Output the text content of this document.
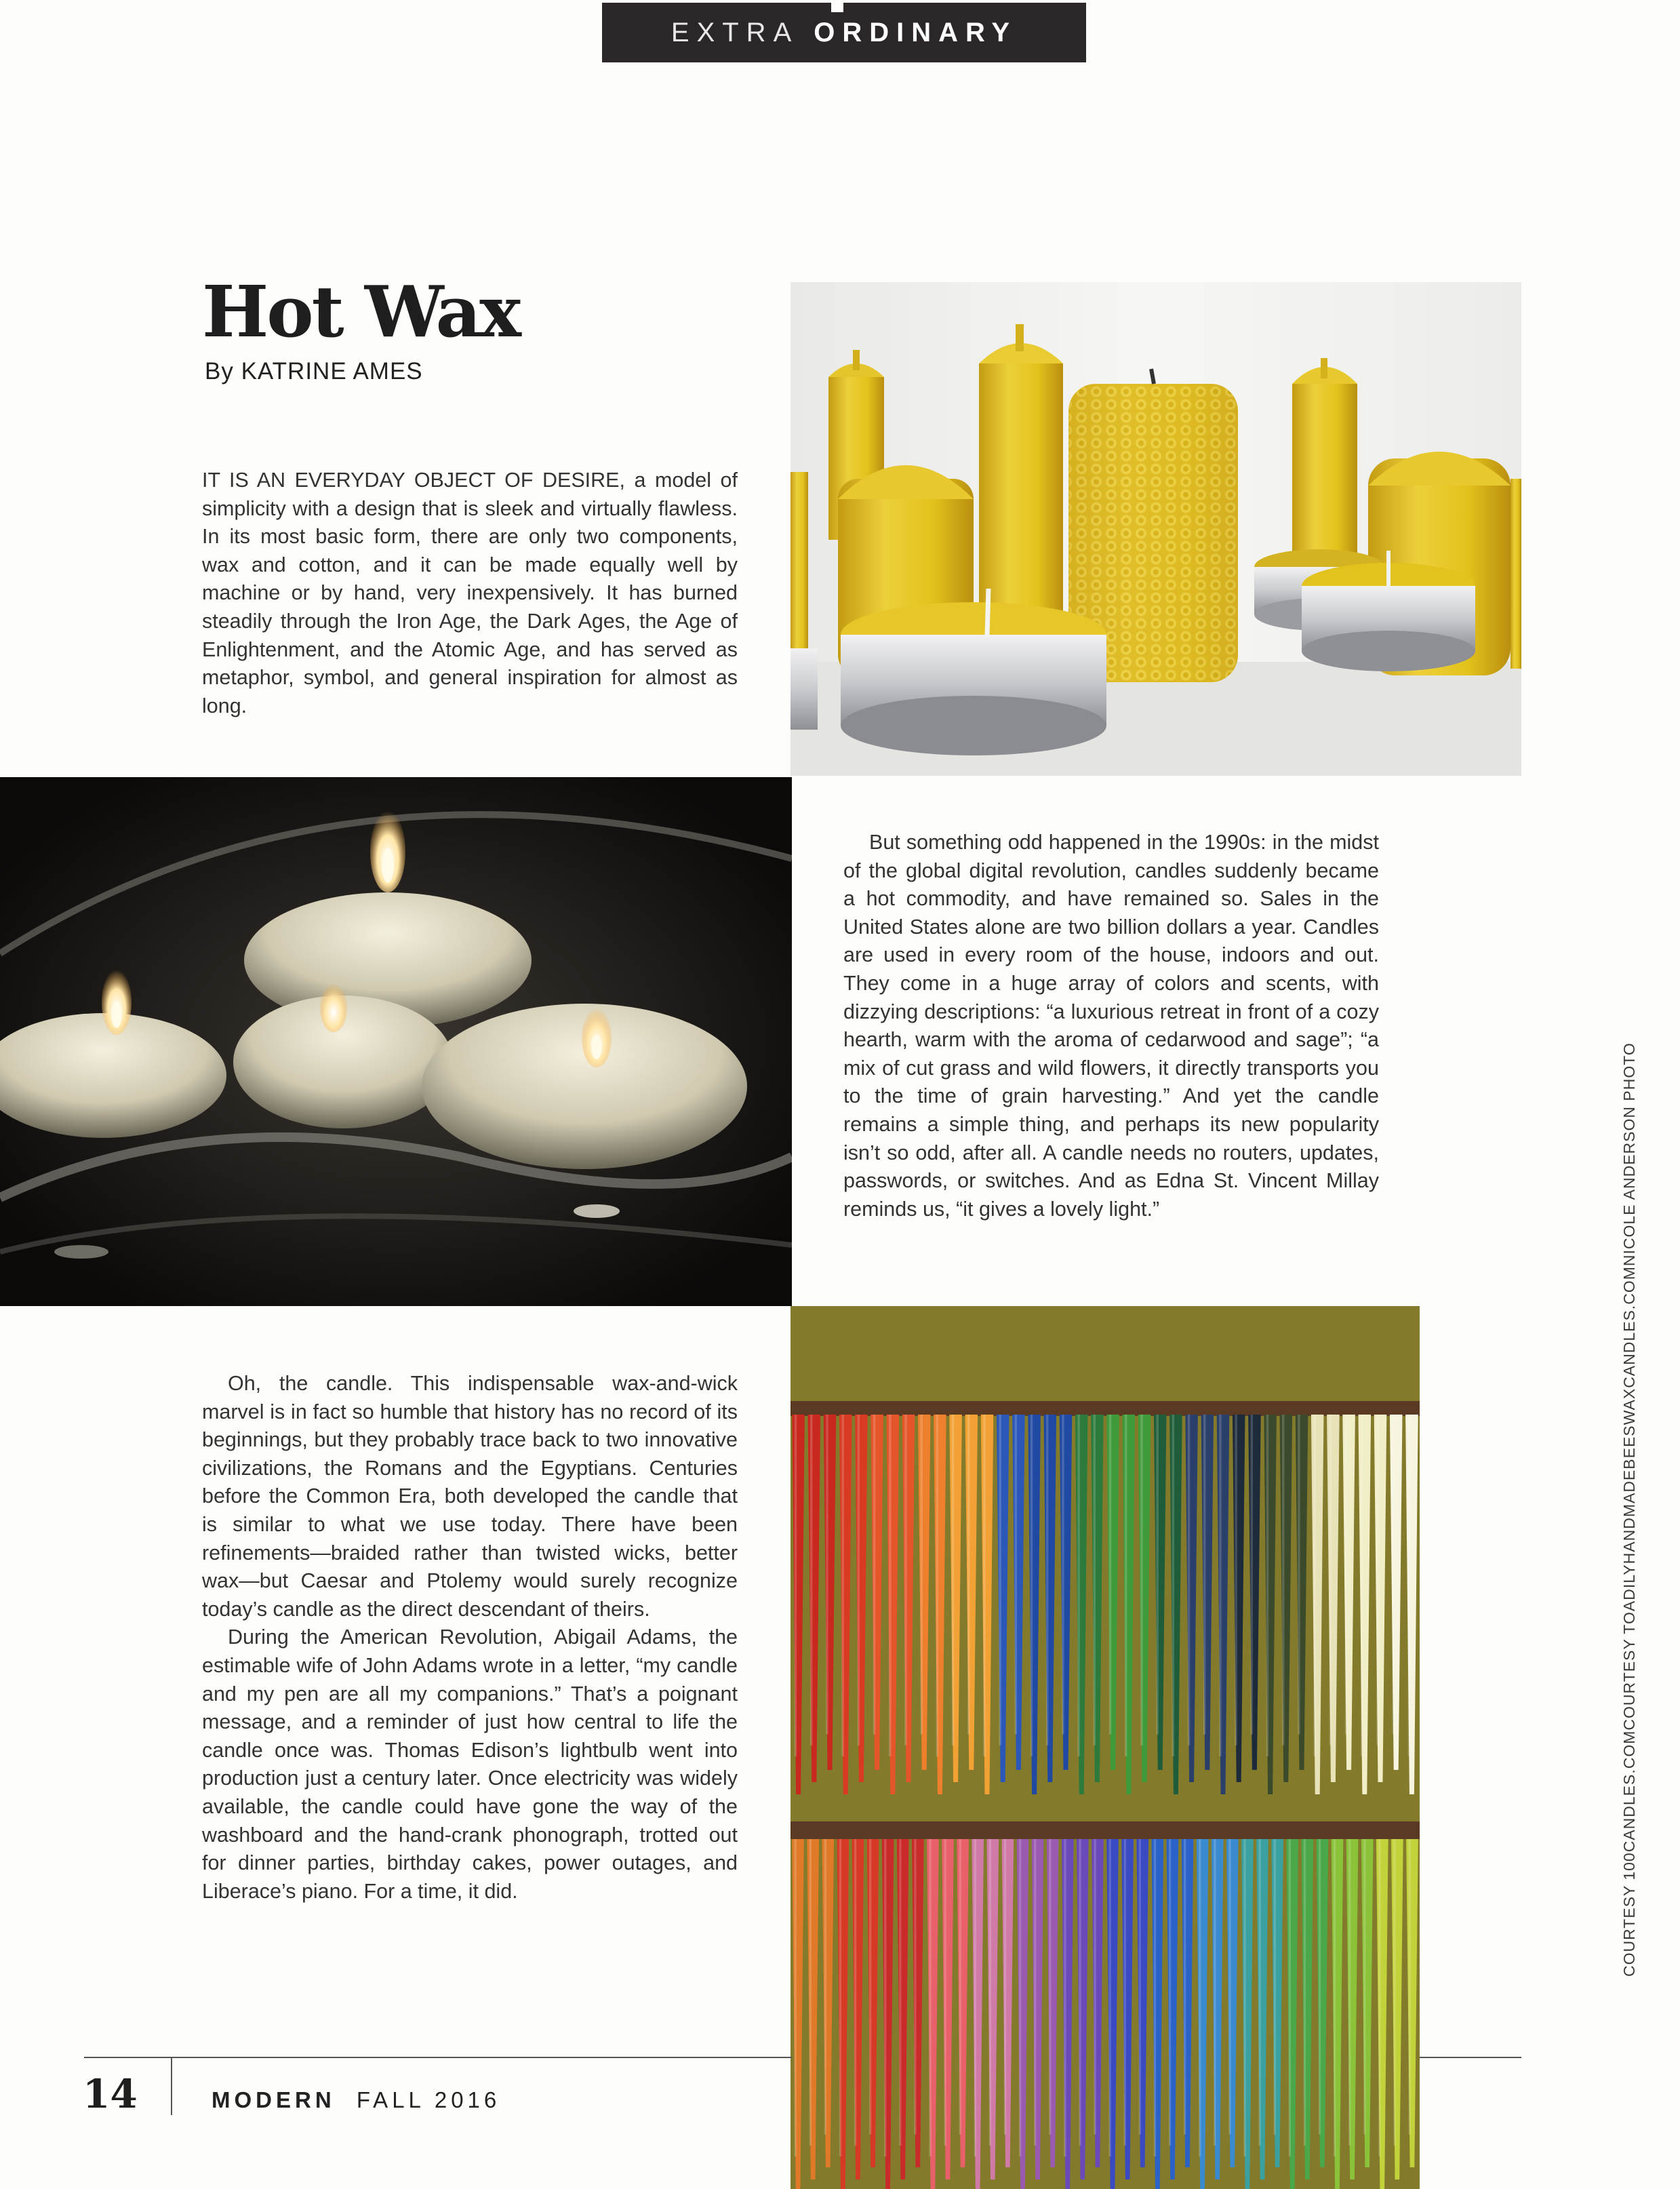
EXTRA ORDINARY
Hot Wax
By KATRINE AMES

IT IS AN EVERYDAY OBJECT OF DESIRE, a model of simplicity with a design that is sleek and virtually flawless. In its most basic form, there are only two components, wax and cotton, and it can be made equally well by machine or by hand, very inexpensively. It has burned steadily through the Iron Age, the Dark Ages, the Age of Enlightenment, and the Atomic Age, and has served as metaphor, symbol, and general inspiration for almost as long.

But something odd happened in the 1990s: in the midst of the global digital revolution, candles suddenly became a hot commodity, and have remained so. Sales in the United States alone are two billion dollars a year. Candles are used in every room of the house, indoors and out. They come in a huge array of colors and scents, with dizzying descriptions: “a luxurious retreat in front of a cozy hearth, warm with the aroma of cedarwood and sage”; “a mix of cut grass and wild flowers, it directly transports you to the time of grain harvesting.” And yet the candle remains a simple thing, and perhaps its new popularity isn’t so odd, after all. A candle needs no routers, updates, passwords, or switches. And as Edna St. Vincent Millay reminds us, “it gives a lovely light.”

Oh, the candle. This indispensable wax-and-wick marvel is in fact so humble that history has no record of its beginnings, but they probably trace back to two innovative civilizations, the Romans and the Egyptians. Centuries before the Common Era, both developed the candle that is similar to what we use today. There have been refinements—braided rather than twisted wicks, better wax—but Caesar and Ptolemy would surely recognize today’s candle as the direct descendant of theirs.

During the American Revolution, Abigail Adams, the estimable wife of John Adams wrote in a letter, “my candle and my pen are all my companions.” That’s a poignant message, and a reminder of just how central to life the candle once was. Thomas Edison’s lightbulb went into production just a century later. Once electricity was widely available, the candle could have gone the way of the washboard and the hand-crank phonograph, trotted out for dinner parties, birthday cakes, power outages, and Liberace’s piano. For a time, it did.	COURTESY 100CANDLES.COM
COURTESY TOADILYHANDMADEBEESWAXCANDLES.COM
NICOLE ANDERSON PHOTO
14	MODERN FALL 2016
